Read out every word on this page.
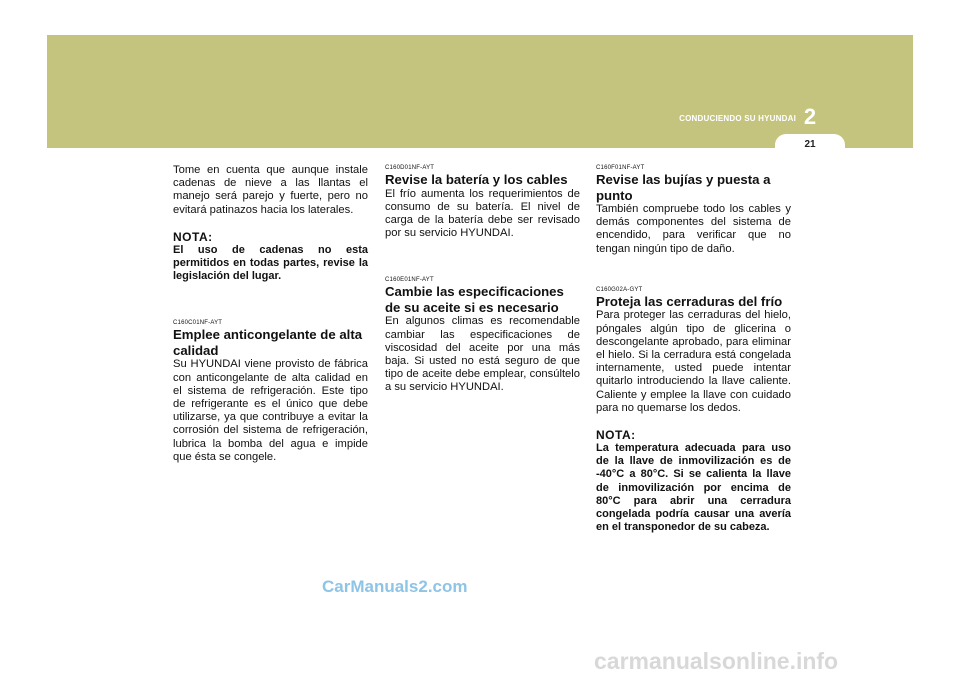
2
CONDUCIENDO SU HYUNDAI
21

Tome en cuenta que aunque instale cadenas de nieve a las llantas el manejo será parejo y fuerte, pero no evitará patinazos hacia los laterales.

NOTA:

El uso de cadenas no esta permitidos en todas partes, revise la legislación del lugar.

C160C01NF-AYT

Emplee anticongelante de alta calidad

Su HYUNDAI viene provisto de fábrica con anticongelante de alta calidad en el sistema de refrigeración. Este tipo de refrigerante es el único que debe utilizarse, ya que contribuye a evitar la corrosión del sistema de refrigeración, lubrica la bomba del agua e impide que ésta se congele.

C160D01NF-AYT

Revise la batería y los cables

El frío aumenta los requerimientos de consumo de su batería. El nivel de carga de la batería debe ser revisado por su servicio HYUNDAI.

C160E01NF-AYT

Cambie las especificaciones de su aceite si es necesario

En algunos climas es recomendable cambiar las especificaciones de viscosidad del aceite por una más baja. Si usted no está seguro de que tipo de aceite debe emplear, consúltelo a su servicio HYUNDAI.

C160F01NF-AYT

Revise las bujías y puesta a punto

También compruebe todo los cables y demás componentes del sistema de encendido, para verificar que no tengan ningún tipo de daño.

C160G02A-GYT

Proteja las cerraduras del frío

Para proteger las cerraduras del hielo, póngales algún tipo de glicerina o descongelante aprobado, para eliminar el hielo. Si la cerradura está congelada internamente, usted puede intentar quitarlo introduciendo la llave caliente. Caliente y emplee la llave con cuidado para no quemarse los dedos.

NOTA:

La temperatura adecuada para uso de la llave de inmovilización es de -40°C a 80°C. Si se calienta la llave de inmovilización por encima de 80°C para abrir una cerradura congelada podría causar una avería en el transponedor de su cabeza.

CarManuals2.com
carmanualsonline.info
